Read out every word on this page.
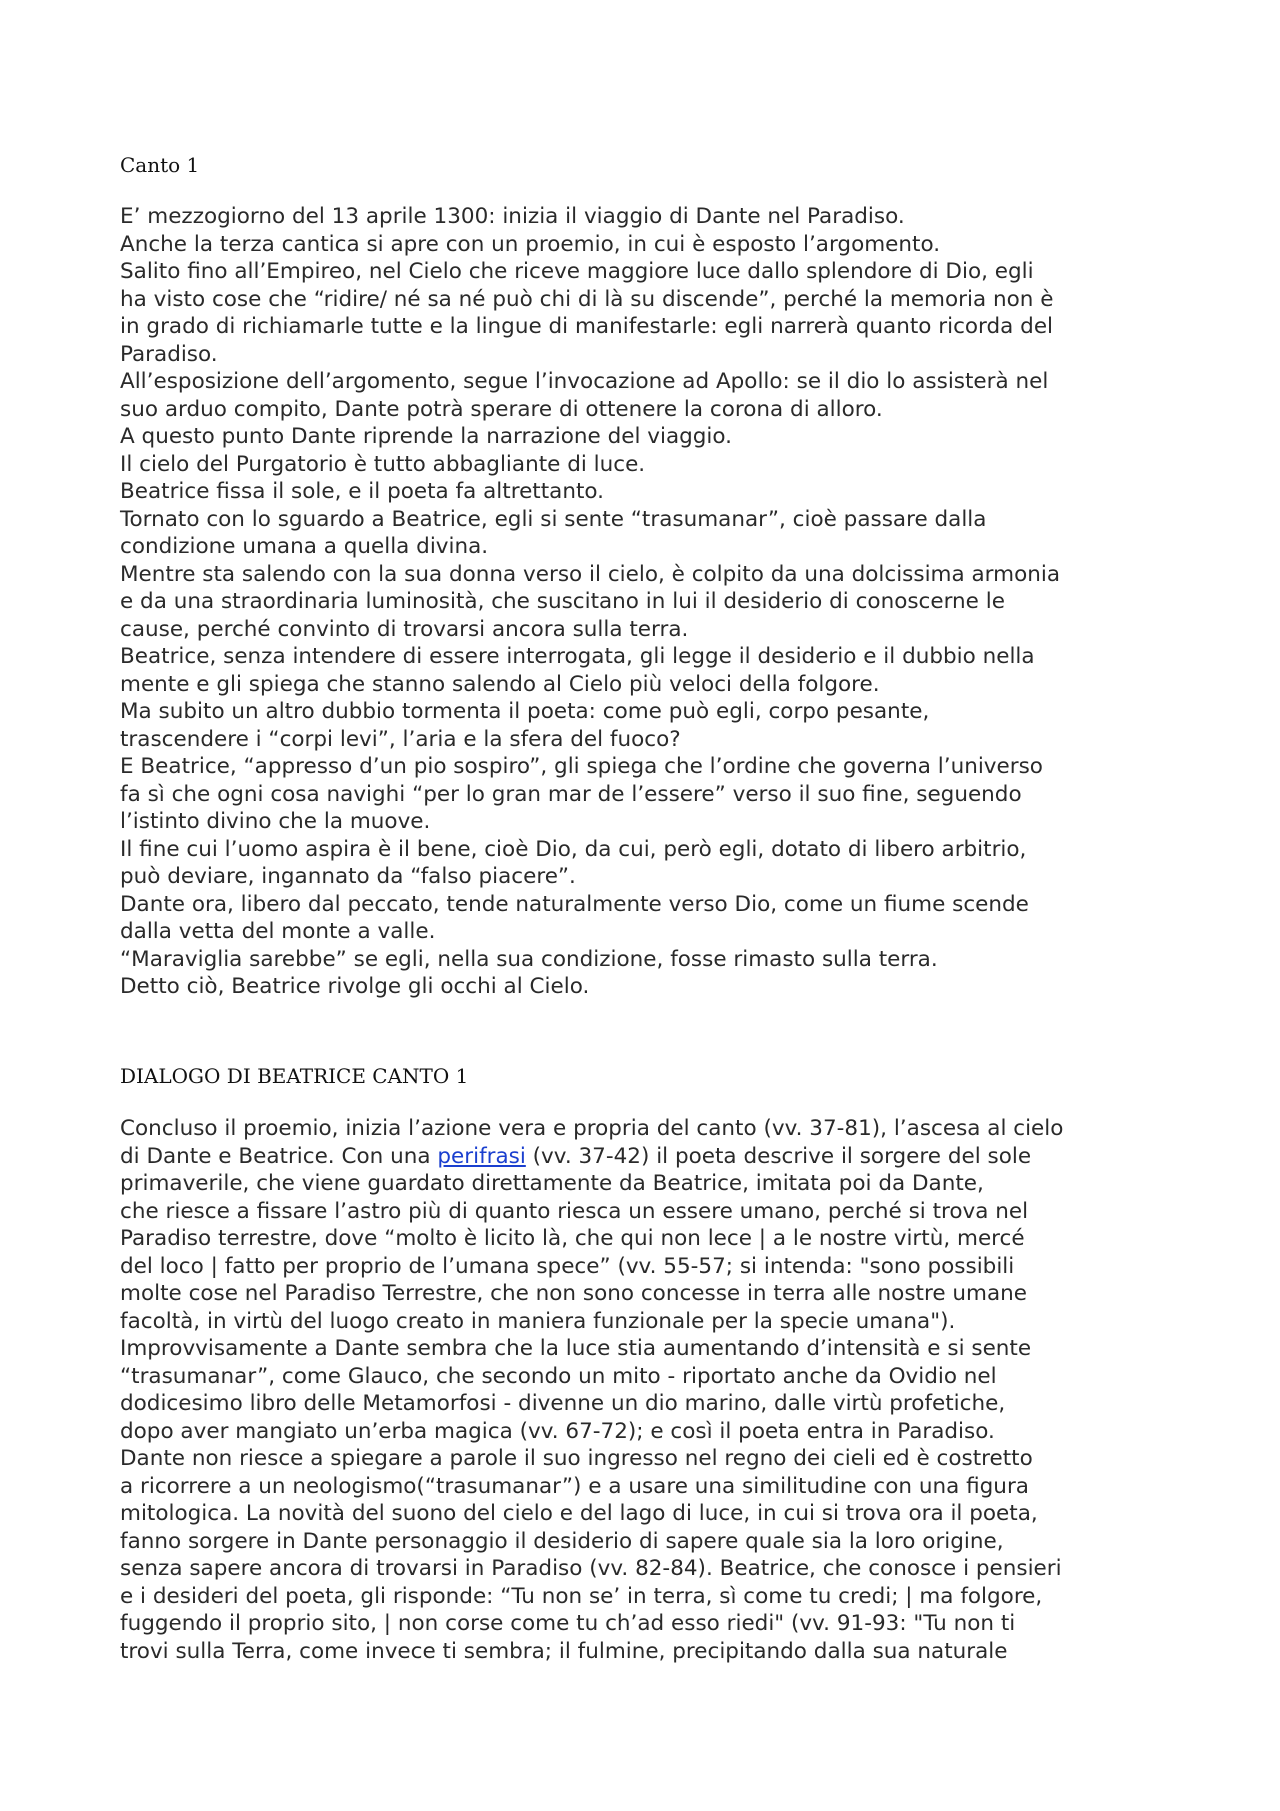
Canto 1
E’ mezzogiorno del 13 aprile 1300: inizia il viaggio di Dante nel Paradiso.
Anche la terza cantica si apre con un proemio, in cui è esposto l’argomento.
Salito fino all’Empireo, nel Cielo che riceve maggiore luce dallo splendore di Dio, egli
ha visto cose che “ridire/ né sa né può chi di là su discende”, perché la memoria non è
in grado di richiamarle tutte e la lingue di manifestarle: egli narrerà quanto ricorda del
Paradiso.
All’esposizione dell’argomento, segue l’invocazione ad Apollo: se il dio lo assisterà nel
suo arduo compito, Dante potrà sperare di ottenere la corona di alloro.
A questo punto Dante riprende la narrazione del viaggio.
Il cielo del Purgatorio è tutto abbagliante di luce.
Beatrice fissa il sole, e il poeta fa altrettanto.
Tornato con lo sguardo a Beatrice, egli si sente “trasumanar”, cioè passare dalla
condizione umana a quella divina.
Mentre sta salendo con la sua donna verso il cielo, è colpito da una dolcissima armonia
e da una straordinaria luminosità, che suscitano in lui il desiderio di conoscerne le
cause, perché convinto di trovarsi ancora sulla terra.
Beatrice, senza intendere di essere interrogata, gli legge il desiderio e il dubbio nella
mente e gli spiega che stanno salendo al Cielo più veloci della folgore.
Ma subito un altro dubbio tormenta il poeta: come può egli, corpo pesante,
trascendere i “corpi levi”, l’aria e la sfera del fuoco?
E Beatrice, “appresso d’un pio sospiro”, gli spiega che l’ordine che governa l’universo
fa sì che ogni cosa navighi “per lo gran mar de l’essere” verso il suo fine, seguendo
l’istinto divino che la muove.
Il fine cui l’uomo aspira è il bene, cioè Dio, da cui, però egli, dotato di libero arbitrio,
può deviare, ingannato da “falso piacere”.
Dante ora, libero dal peccato, tende naturalmente verso Dio, come un fiume scende
dalla vetta del monte a valle.
“Maraviglia sarebbe” se egli, nella sua condizione, fosse rimasto sulla terra.
Detto ciò, Beatrice rivolge gli occhi al Cielo.
DIALOGO DI BEATRICE CANTO 1
Concluso il proemio, inizia l’azione vera e propria del canto (vv. 37-81), l’ascesa al cielo
di Dante e Beatrice. Con una perifrasi (vv. 37-42) il poeta descrive il sorgere del sole
primaverile, che viene guardato direttamente da Beatrice, imitata poi da Dante,
che riesce a fissare l’astro più di quanto riesca un essere umano, perché si trova nel
Paradiso terrestre, dove “molto è licito là, che qui non lece | a le nostre virtù, mercé
del loco | fatto per proprio de l’umana spece” (vv. 55-57; si intenda: "sono possibili
molte cose nel Paradiso Terrestre, che non sono concesse in terra alle nostre umane
facoltà, in virtù del luogo creato in maniera funzionale per la specie umana").
Improvvisamente a Dante sembra che la luce stia aumentando d’intensità e si sente
“trasumanar”, come Glauco, che secondo un mito - riportato anche da Ovidio nel
dodicesimo libro delle Metamorfosi - divenne un dio marino, dalle virtù profetiche,
dopo aver mangiato un’erba magica (vv. 67-72); e così il poeta entra in Paradiso.
Dante non riesce a spiegare a parole il suo ingresso nel regno dei cieli ed è costretto
a ricorrere a un neologismo(“trasumanar”) e a usare una similitudine con una figura
mitologica. La novità del suono del cielo e del lago di luce, in cui si trova ora il poeta,
fanno sorgere in Dante personaggio il desiderio di sapere quale sia la loro origine,
senza sapere ancora di trovarsi in Paradiso (vv. 82-84). Beatrice, che conosce i pensieri
e i desideri del poeta, gli risponde: “Tu non se’ in terra, sì come tu credi; | ma folgore,
fuggendo il proprio sito, | non corse come tu ch’ad esso riedi" (vv. 91-93: "Tu non ti
trovi sulla Terra, come invece ti sembra; il fulmine, precipitando dalla sua naturale
